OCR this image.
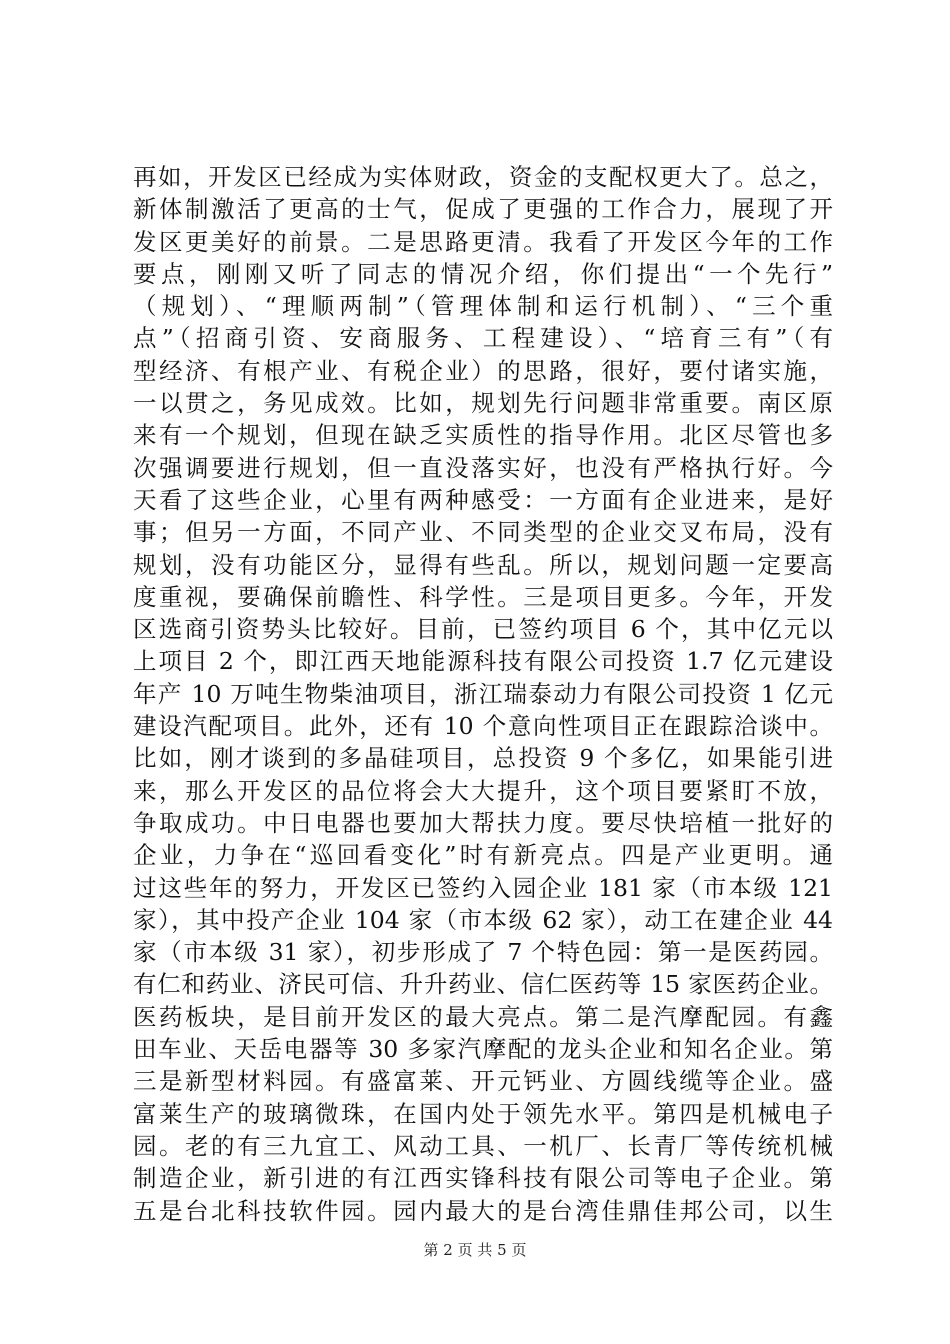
再如，开发区已经成为实体财政，资金的支配权更大了。总之，
新体制激活了更高的士气，促成了更强的工作合力，展现了开
发区更美好的前景。二是思路更清。我看了开发区今年的工作
要点，刚刚又听了同志的情况介绍，你们提出“一个先行”
（规划）、“理顺两制”（管理体制和运行机制）、“三个重
点”（招商引资、安商服务、工程建设）、“培育三有”（有
型经济、有根产业、有税企业）的思路，很好，要付诸实施，
一以贯之，务见成效。比如，规划先行问题非常重要。南区原
来有一个规划，但现在缺乏实质性的指导作用。北区尽管也多
次强调要进行规划，但一直没落实好，也没有严格执行好。今
天看了这些企业，心里有两种感受：一方面有企业进来，是好
事；但另一方面，不同产业、不同类型的企业交叉布局，没有
规划，没有功能区分，显得有些乱。所以，规划问题一定要高
度重视，要确保前瞻性、科学性。三是项目更多。今年，开发
区选商引资势头比较好。目前，已签约项目 6 个，其中亿元以
上项目 2 个，即江西天地能源科技有限公司投资 1.7 亿元建设
年产 10 万吨生物柴油项目，浙江瑞泰动力有限公司投资 1 亿元
建设汽配项目。此外，还有 10 个意向性项目正在跟踪洽谈中。
比如，刚才谈到的多晶硅项目，总投资 9 个多亿，如果能引进
来，那么开发区的品位将会大大提升，这个项目要紧盯不放，
争取成功。中日电器也要加大帮扶力度。要尽快培植一批好的
企业，力争在“巡回看变化”时有新亮点。四是产业更明。通
过这些年的努力，开发区已签约入园企业 181 家（市本级 121
家），其中投产企业 104 家（市本级 62 家），动工在建企业 44
家（市本级 31 家），初步形成了 7 个特色园：第一是医药园。
有仁和药业、济民可信、升升药业、信仁医药等 15 家医药企业。
医药板块，是目前开发区的最大亮点。第二是汽摩配园。有鑫
田车业、天岳电器等 30 多家汽摩配的龙头企业和知名企业。第
三是新型材料园。有盛富莱、开元钙业、方圆线缆等企业。盛
富莱生产的玻璃微珠，在国内处于领先水平。第四是机械电子
园。老的有三九宜工、风动工具、一机厂、长青厂等传统机械
制造企业，新引进的有江西实锋科技有限公司等电子企业。第
五是台北科技软件园。园内最大的是台湾佳鼎佳邦公司，以生
第 2 页 共 5 页
